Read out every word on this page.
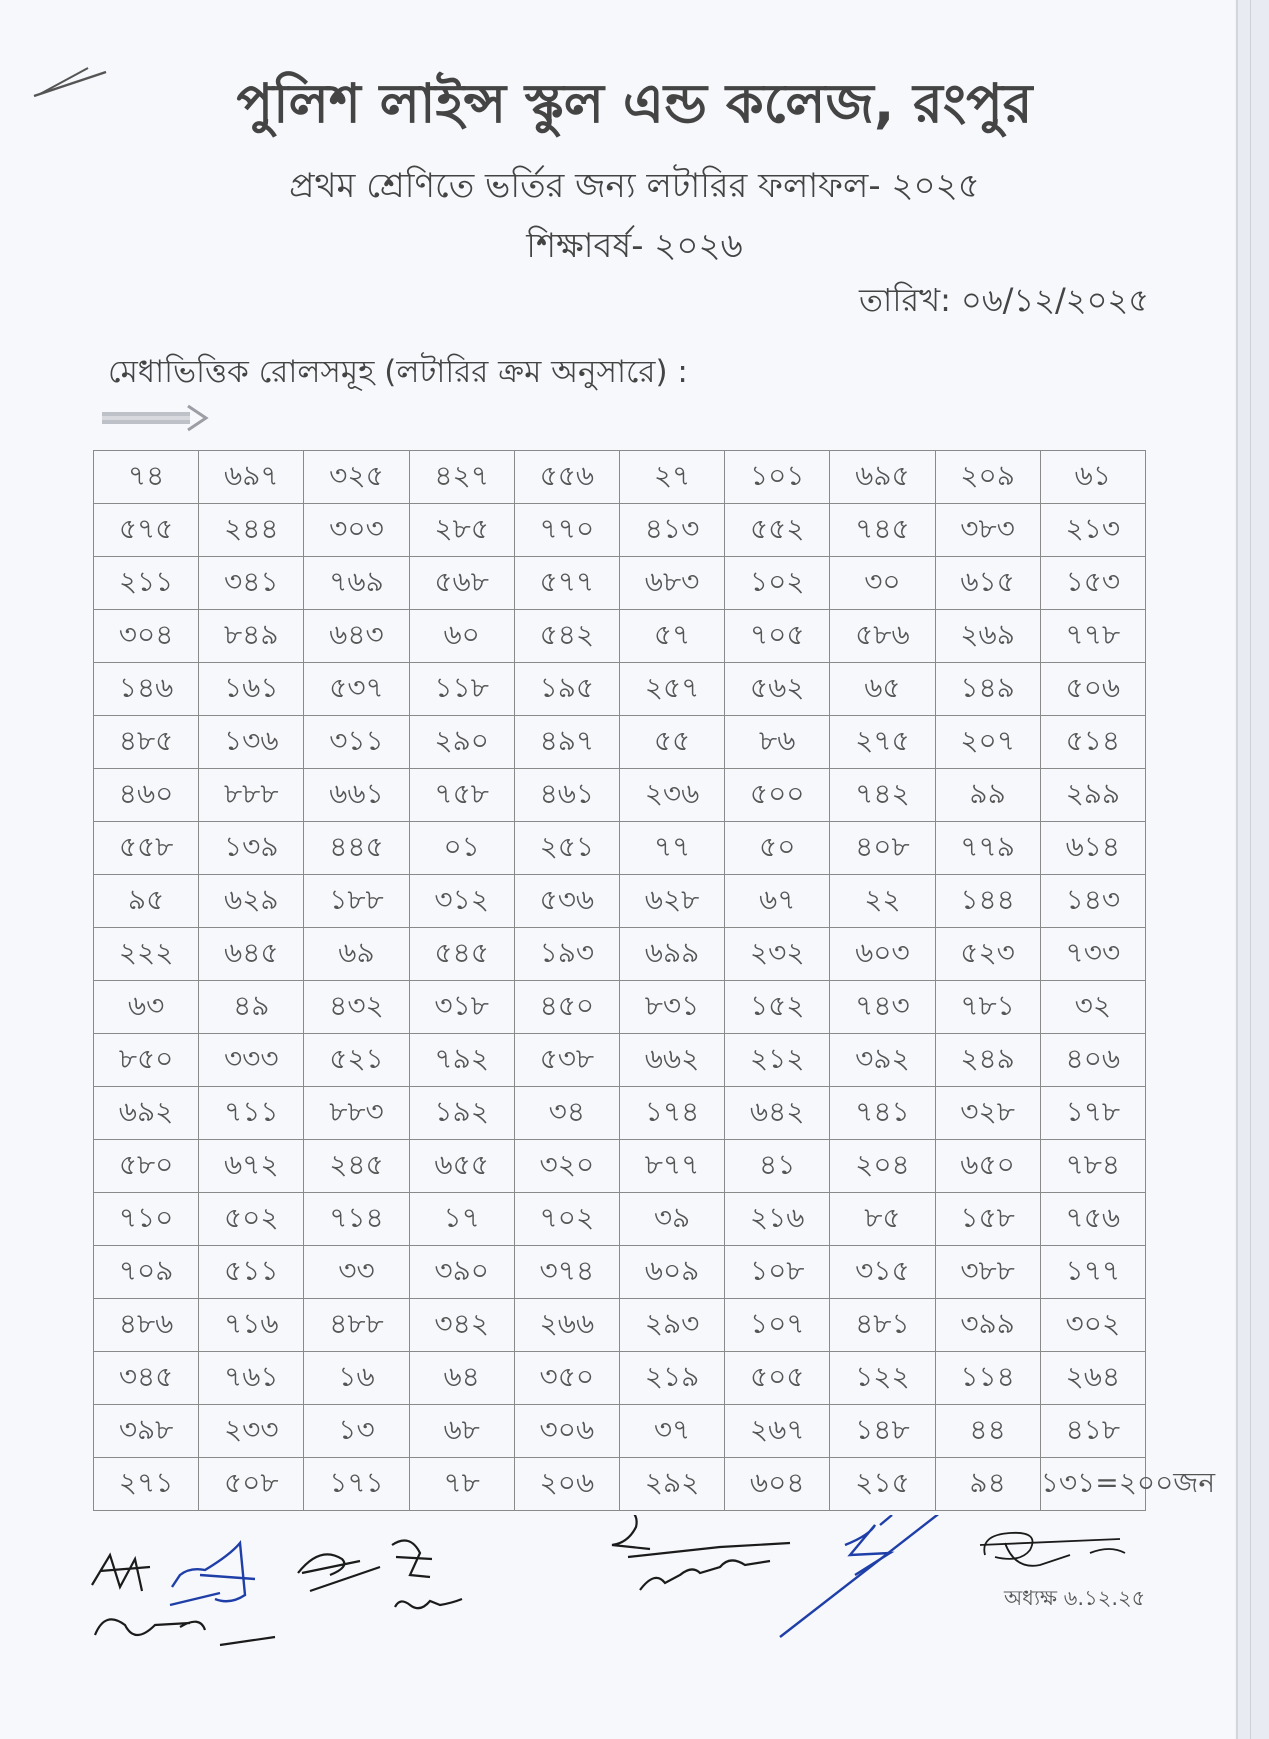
পুলিশ লাইন্স স্কুল এন্ড কলেজ, রংপুর
প্রথম শ্রেণিতে ভর্তির জন্য লটারির ফলাফল- ২০২৫
শিক্ষাবর্ষ- ২০২৬
তারিখ: ০৬/১২/২০২৫
মেধাভিত্তিক রোলসমূহ (লটারির ক্রম অনুসারে) :
৭৪	৬৯৭	৩২৫	৪২৭	৫৫৬	২৭	১০১	৬৯৫	২০৯	৬১
৫৭৫	২৪৪	৩০৩	২৮৫	৭৭০	৪১৩	৫৫২	৭৪৫	৩৮৩	২১৩
২১১	৩৪১	৭৬৯	৫৬৮	৫৭৭	৬৮৩	১০২	৩০	৬১৫	১৫৩
৩০৪	৮৪৯	৬৪৩	৬০	৫৪২	৫৭	৭০৫	৫৮৬	২৬৯	৭৭৮
১৪৬	১৬১	৫৩৭	১১৮	১৯৫	২৫৭	৫৬২	৬৫	১৪৯	৫০৬
৪৮৫	১৩৬	৩১১	২৯০	৪৯৭	৫৫	৮৬	২৭৫	২০৭	৫১৪
৪৬০	৮৮৮	৬৬১	৭৫৮	৪৬১	২৩৬	৫০০	৭৪২	৯৯	২৯৯
৫৫৮	১৩৯	৪৪৫	০১	২৫১	৭৭	৫০	৪০৮	৭৭৯	৬১৪
৯৫	৬২৯	১৮৮	৩১২	৫৩৬	৬২৮	৬৭	২২	১৪৪	১৪৩
২২২	৬৪৫	৬৯	৫৪৫	১৯৩	৬৯৯	২৩২	৬০৩	৫২৩	৭৩৩
৬৩	৪৯	৪৩২	৩১৮	৪৫০	৮৩১	১৫২	৭৪৩	৭৮১	৩২
৮৫০	৩৩৩	৫২১	৭৯২	৫৩৮	৬৬২	২১২	৩৯২	২৪৯	৪০৬
৬৯২	৭১১	৮৮৩	১৯২	৩৪	১৭৪	৬৪২	৭৪১	৩২৮	১৭৮
৫৮০	৬৭২	২৪৫	৬৫৫	৩২০	৮৭৭	৪১	২০৪	৬৫০	৭৮৪
৭১০	৫০২	৭১৪	১৭	৭০২	৩৯	২১৬	৮৫	১৫৮	৭৫৬
৭০৯	৫১১	৩৩	৩৯০	৩৭৪	৬০৯	১০৮	৩১৫	৩৮৮	১৭৭
৪৮৬	৭১৬	৪৮৮	৩৪২	২৬৬	২৯৩	১০৭	৪৮১	৩৯৯	৩০২
৩৪৫	৭৬১	১৬	৬৪	৩৫০	২১৯	৫০৫	১২২	১১৪	২৬৪
৩৯৮	২৩৩	১৩	৬৮	৩০৬	৩৭	২৬৭	১৪৮	৪৪	৪১৮
২৭১	৫০৮	১৭১	৭৮	২০৬	২৯২	৬০৪	২১৫	৯৪	১৩১=২০০জন
অধ্যক্ষ ৬.১২.২৫
